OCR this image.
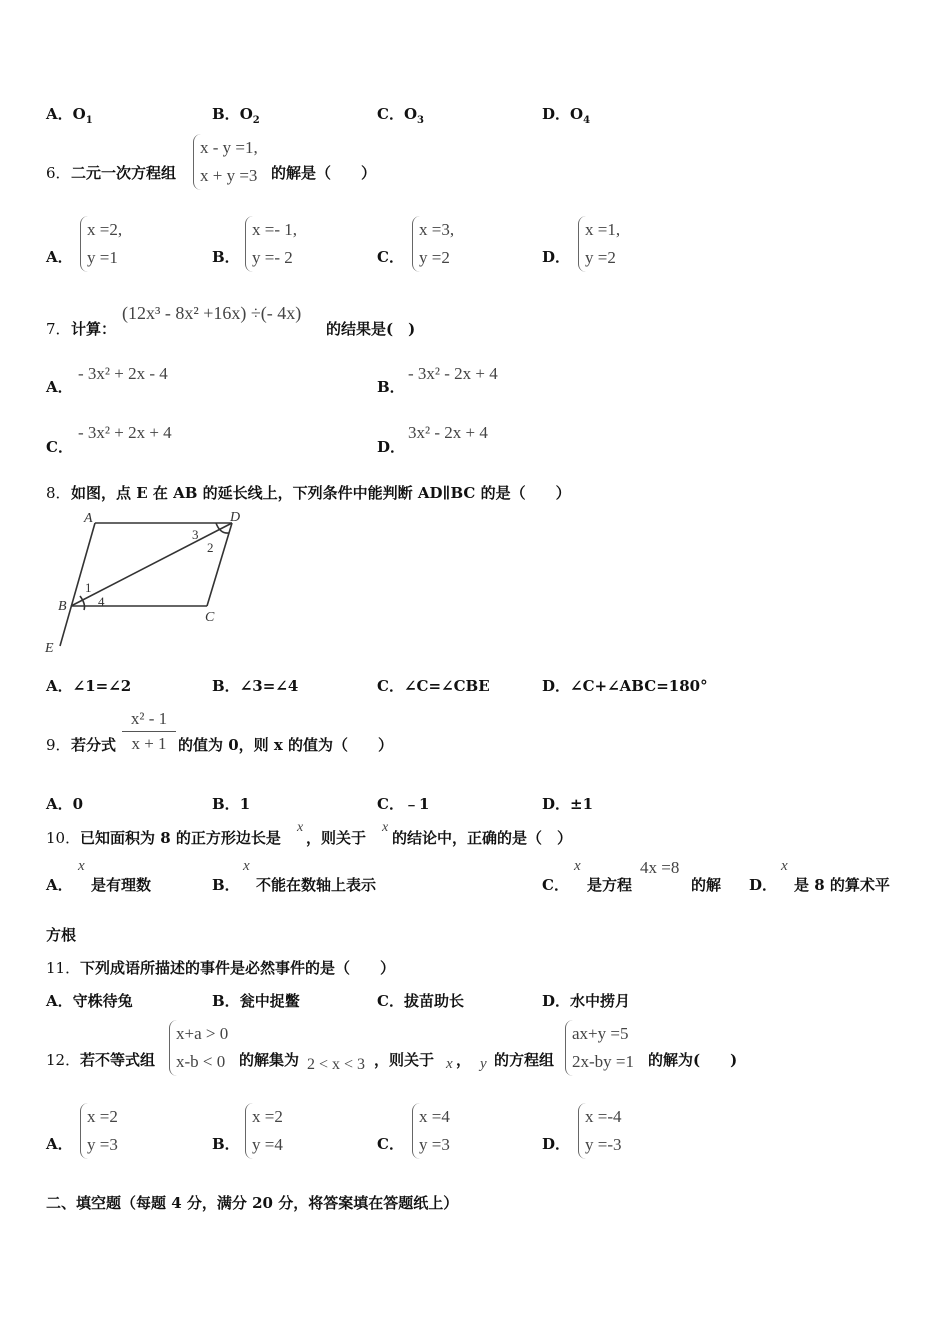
A．$O_1$	B．$O_2$	C．$O_3$	D．$O_4$
6． 二元一次方程组
x - y =1,
x + y =3 的解是（　　）
A．
x =2,
y =1	B．
x =- 1,
y =- 2	C．
x =3,
y =2	D．
x =1,
y =2
7． 计算：
(12x³ - 8x² +16x) ÷(- 4x)
的结果是(　)
A．
- 3x² + 2x - 4
B．
- 3x² - 2x + 4
C．
- 3x² + 2x + 4
D．
3x² - 2x + 4
8． 如图，点 E 在 AB 的延长线上，下列条件中能判断 AD∥BC 的是（　　）
A	D
B
C
E
1
2
3
4
A．∠1=∠2	B．∠3=∠4	C．∠C=∠CBE	D．∠C+∠ABC=180°
9． 若分式
x² - 1
x + 1 的值为 0，则 x 的值为（　　）
A．0	B．1	C．﹣1	D．±1
10． 已知面积为 8 的正方形边长是
x
，则关于
x
的结论中，正确的是（　）
A．
x
是有理数	B．
x
不能在数轴上表示	C．
x
是方程
4x =8
的解 D．
x
是 8 的算术平
方根
11． 下列成语所描述的事件是必然事件的是（　　）
A．守株待兔	B．瓮中捉鳖	C．拔苗助长	D．水中捞月
12． 若不等式组
x+a > 0
x-b < 0 的解集为 2 < x < 3 ，则关于 x ， y 的方程组
ax+y =5
2x-by =1 的解为(　　)
A．
x =2
y =3	B．
x =2
y =4	C．
x =4
y =3	D．
x =-4
y =-3
二、填空题（每题 4 分，满分 20 分，将答案填在答题纸上）
